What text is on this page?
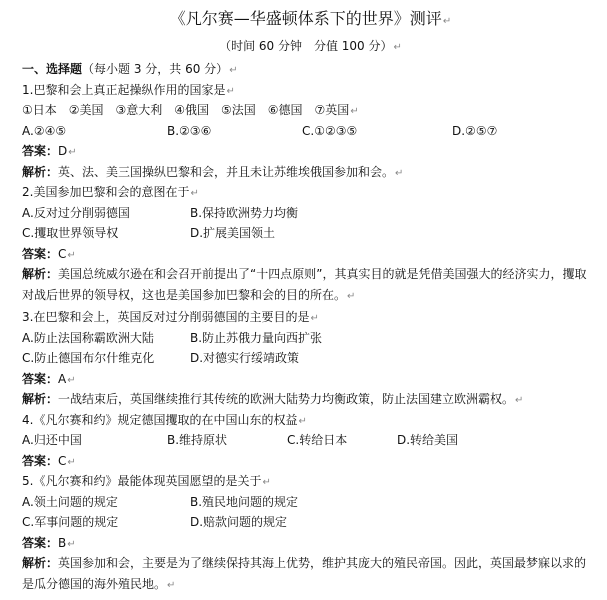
《凡尔赛—华盛顿体系下的世界》测评↵
（时间 60 分钟　分值 100 分）↵
一、选择题（每小题 3 分，共 60 分）↵
1.巴黎和会上真正起操纵作用的国家是↵
①日本　②美国　③意大利　④俄国　⑤法国　⑥德国　⑦英国↵
A.②④⑤	B.②③⑥	C.①②③⑤	D.②⑤⑦
答案：D↵
解析：英、法、美三国操纵巴黎和会，并且未让苏维埃俄国参加和会。↵
2.美国参加巴黎和会的意图在于↵
A.反对过分削弱德国	B.保持欧洲势力均衡
C.攫取世界领导权	D.扩展美国领土
答案：C↵
解析：美国总统威尔逊在和会召开前提出了“十四点原则”，其真实目的就是凭借美国强大的经济实力，攫取对战后世界的领导权，这也是美国参加巴黎和会的目的所在。↵
3.在巴黎和会上，英国反对过分削弱德国的主要目的是↵
A.防止法国称霸欧洲大陆	B.防止苏俄力量向西扩张
C.防止德国布尔什维克化	D.对德实行绥靖政策
答案：A↵
解析：一战结束后，英国继续推行其传统的欧洲大陆势力均衡政策，防止法国建立欧洲霸权。↵
4.《凡尔赛和约》规定德国攫取的在中国山东的权益↵
A.归还中国	B.维持原状	C.转给日本	D.转给美国
答案：C↵
5.《凡尔赛和约》最能体现英国愿望的是关于↵
A.领土问题的规定	B.殖民地问题的规定
C.军事问题的规定	D.赔款问题的规定
答案：B↵
解析：英国参加和会，主要是为了继续保持其海上优势，维护其庞大的殖民帝国。因此，英国最梦寐以求的是瓜分德国的海外殖民地。↵
